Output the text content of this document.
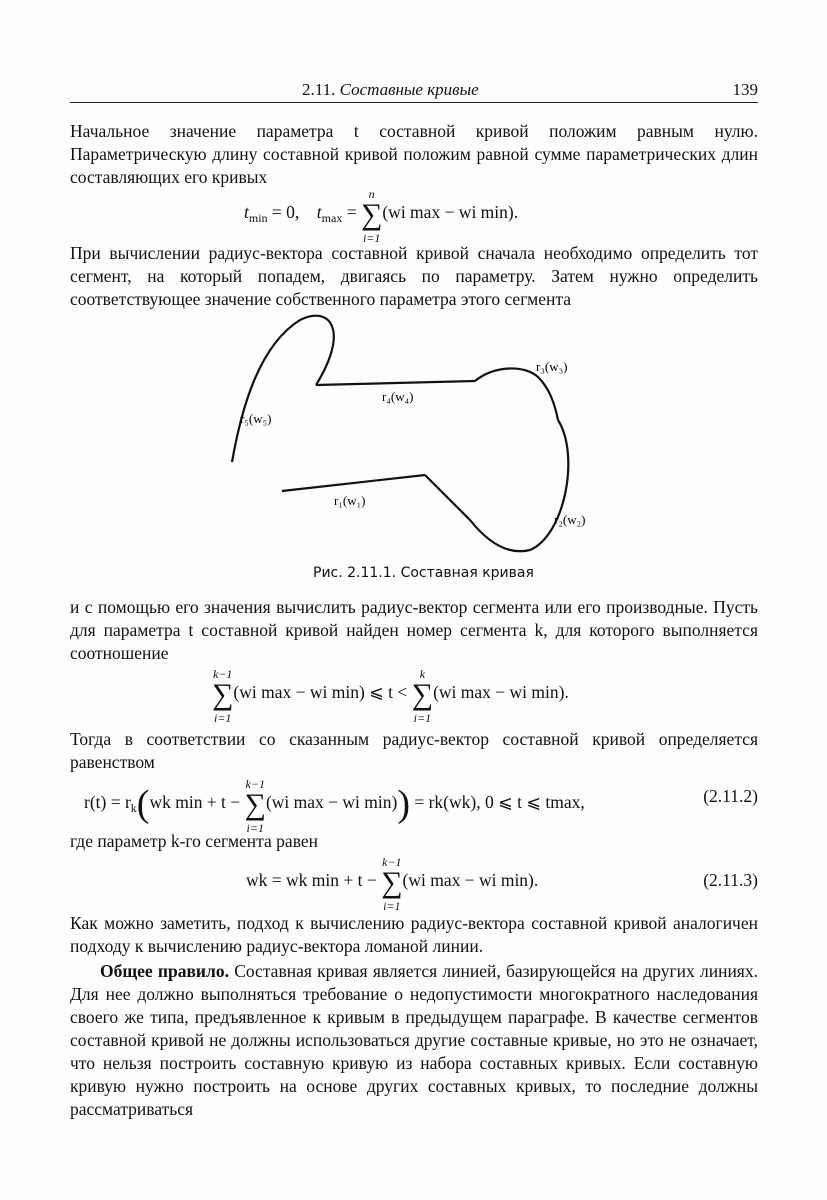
2.11. Составные кривые	139
Начальное значение параметра t составной кривой положим равным нулю. Параметрическую длину составной кривой положим равной сумме параметрических длин составляющих его кривых
$t_{min} = 0$, $t_{max}$ = ∑
n
i=1
(wi max − wi min).
При вычислении радиус-вектора составной кривой сначала необходимо определить тот сегмент, на который попадем, двигаясь по параметру. Затем нужно определить соответствующее значение собственного параметра этого сегмента
r₅(w₅)
r₄(w₄)
r₃(w₃)
r₂(w₂)
r₁(w₁)
Рис. 2.11.1. Составная кривая
и с помощью его значения вычислить радиус-вектор сегмента или его производные. Пусть для параметра t составной кривой найден номер сегмента k, для которого выполняется соотношение
∑
k−1
i=1
(wi max − wi min) ⩽ t < ∑
k
i=1
(wi max − wi min).
Тогда в соответствии со сказанным радиус-вектор составной кривой определяется равенством
$r(t) = r_k(wk$ min + t − ∑
k−1
i=1
(wi max − wi min)) = rk(wk), 0 ⩽ t ⩽ tmax,	(2.11.2)
где параметр k-го сегмента равен
wk = wk min + t − ∑
k−1
i=1
(wi max − wi min).	(2.11.3)
Как можно заметить, подход к вычислению радиус-вектора составной кривой аналогичен подходу к вычислению радиус-вектора ломаной линии.
Общее правило. Составная кривая является линией, базирующейся на других линиях. Для нее должно выполняться требование о недопустимости многократного наследования своего же типа, предъявленное к кривым в предыдущем параграфе. В качестве сегментов составной кривой не должны использоваться другие составные кривые, но это не означает, что нельзя построить составную кривую из набора составных кривых. Если составную кривую нужно построить на основе других составных кривых, то последние должны рассматриваться
